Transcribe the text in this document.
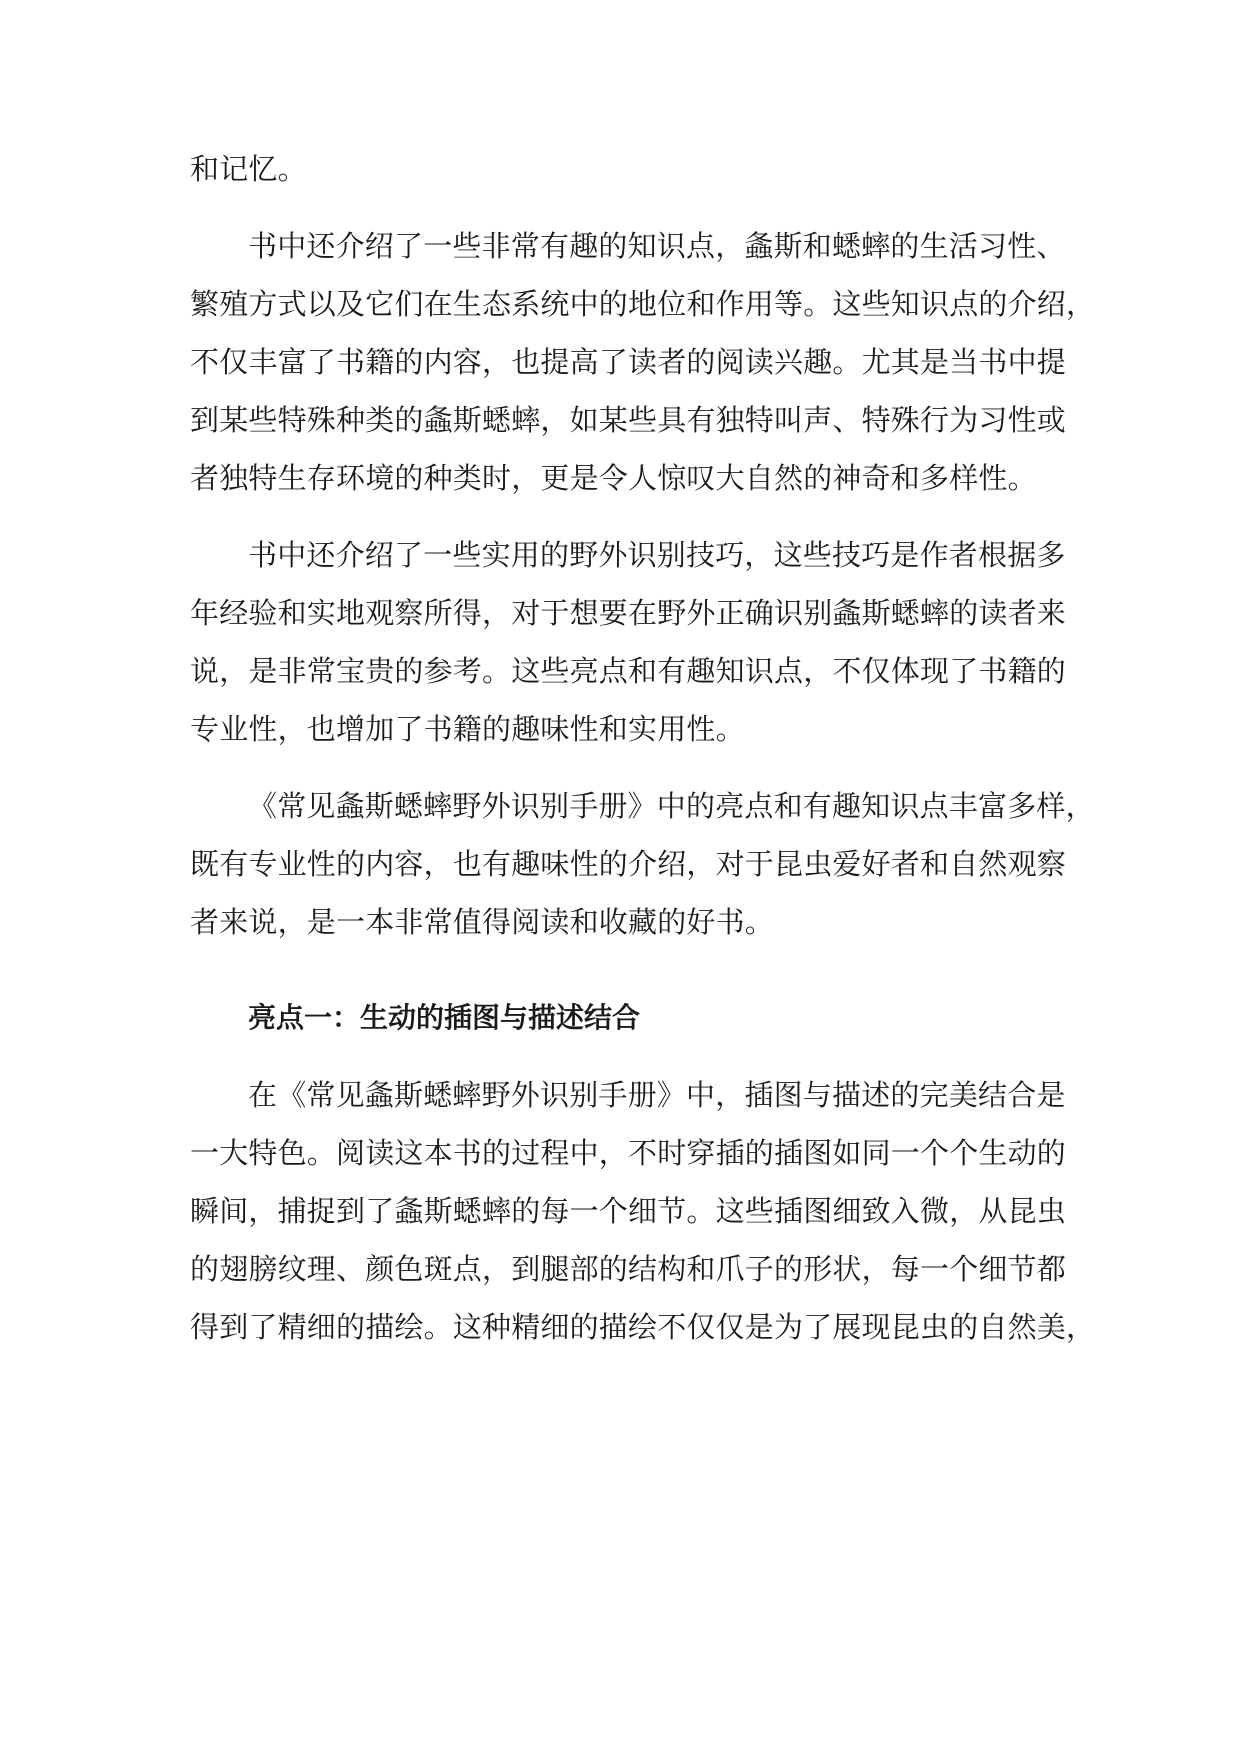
和记忆。
书中还介绍了一些非常有趣的知识点，螽斯和蟋蟀的生活习性、
繁殖方式以及它们在生态系统中的地位和作用等。这些知识点的介绍，
不仅丰富了书籍的内容，也提高了读者的阅读兴趣。尤其是当书中提
到某些特殊种类的螽斯蟋蟀，如某些具有独特叫声、特殊行为习性或
者独特生存环境的种类时，更是令人惊叹大自然的神奇和多样性。
书中还介绍了一些实用的野外识别技巧，这些技巧是作者根据多
年经验和实地观察所得，对于想要在野外正确识别螽斯蟋蟀的读者来
说，是非常宝贵的参考。这些亮点和有趣知识点，不仅体现了书籍的
专业性，也增加了书籍的趣味性和实用性。
《常见螽斯蟋蟀野外识别手册》中的亮点和有趣知识点丰富多样，
既有专业性的内容，也有趣味性的介绍，对于昆虫爱好者和自然观察
者来说，是一本非常值得阅读和收藏的好书。
亮点一：生动的插图与描述结合
在《常见螽斯蟋蟀野外识别手册》中，插图与描述的完美结合是
一大特色。阅读这本书的过程中，不时穿插的插图如同一个个生动的
瞬间，捕捉到了螽斯蟋蟀的每一个细节。这些插图细致入微，从昆虫
的翅膀纹理、颜色斑点，到腿部的结构和爪子的形状，每一个细节都
得到了精细的描绘。这种精细的描绘不仅仅是为了展现昆虫的自然美，
